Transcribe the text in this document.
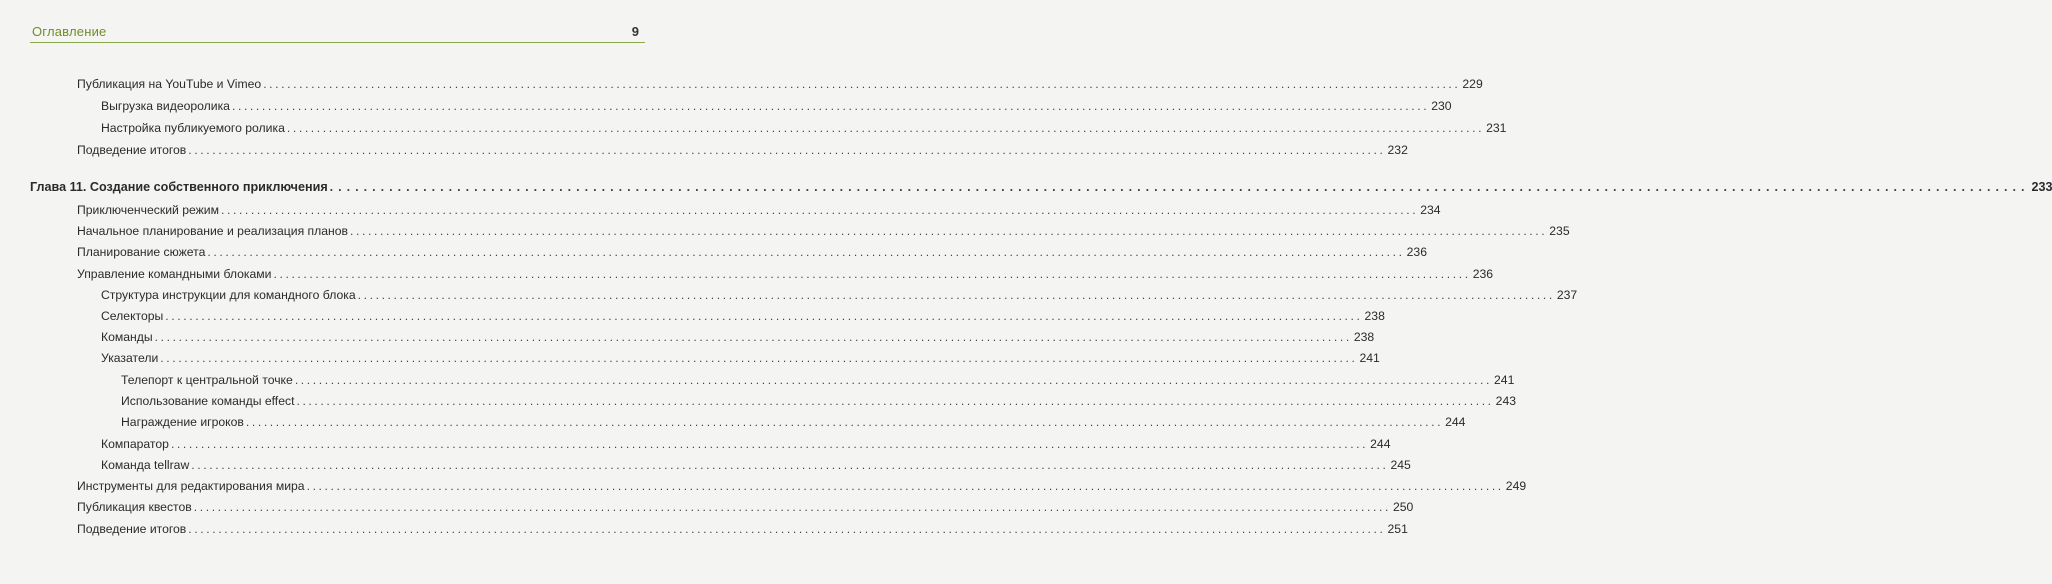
Оглавление	9
Публикация на YouTube и Vimeo ........................................................................................................................................................................................................ 229
Выгрузка видеоролика ........................................................................................................................................................................................................ 230
Настройка публикуемого ролика ........................................................................................................................................................................................................ 231
Подведение итогов ........................................................................................................................................................................................................ 232
Глава 11. Создание собственного приключения ........................................................................................................................................................................................................ 233
Приключенческий режим ........................................................................................................................................................................................................ 234
Начальное планирование и реализация планов ........................................................................................................................................................................................................ 235
Планирование сюжета ........................................................................................................................................................................................................ 236
Управление командными блоками ........................................................................................................................................................................................................ 236
Структура инструкции для командного блока ........................................................................................................................................................................................................ 237
Селекторы ........................................................................................................................................................................................................ 238
Команды ........................................................................................................................................................................................................ 238
Указатели ........................................................................................................................................................................................................ 241
Телепорт к центральной точке ........................................................................................................................................................................................................ 241
Использование команды effect ........................................................................................................................................................................................................ 243
Награждение игроков ........................................................................................................................................................................................................ 244
Компаратор ........................................................................................................................................................................................................ 244
Команда tellraw ........................................................................................................................................................................................................ 245
Инструменты для редактирования мира ........................................................................................................................................................................................................ 249
Публикация квестов ........................................................................................................................................................................................................ 250
Подведение итогов ........................................................................................................................................................................................................ 251
